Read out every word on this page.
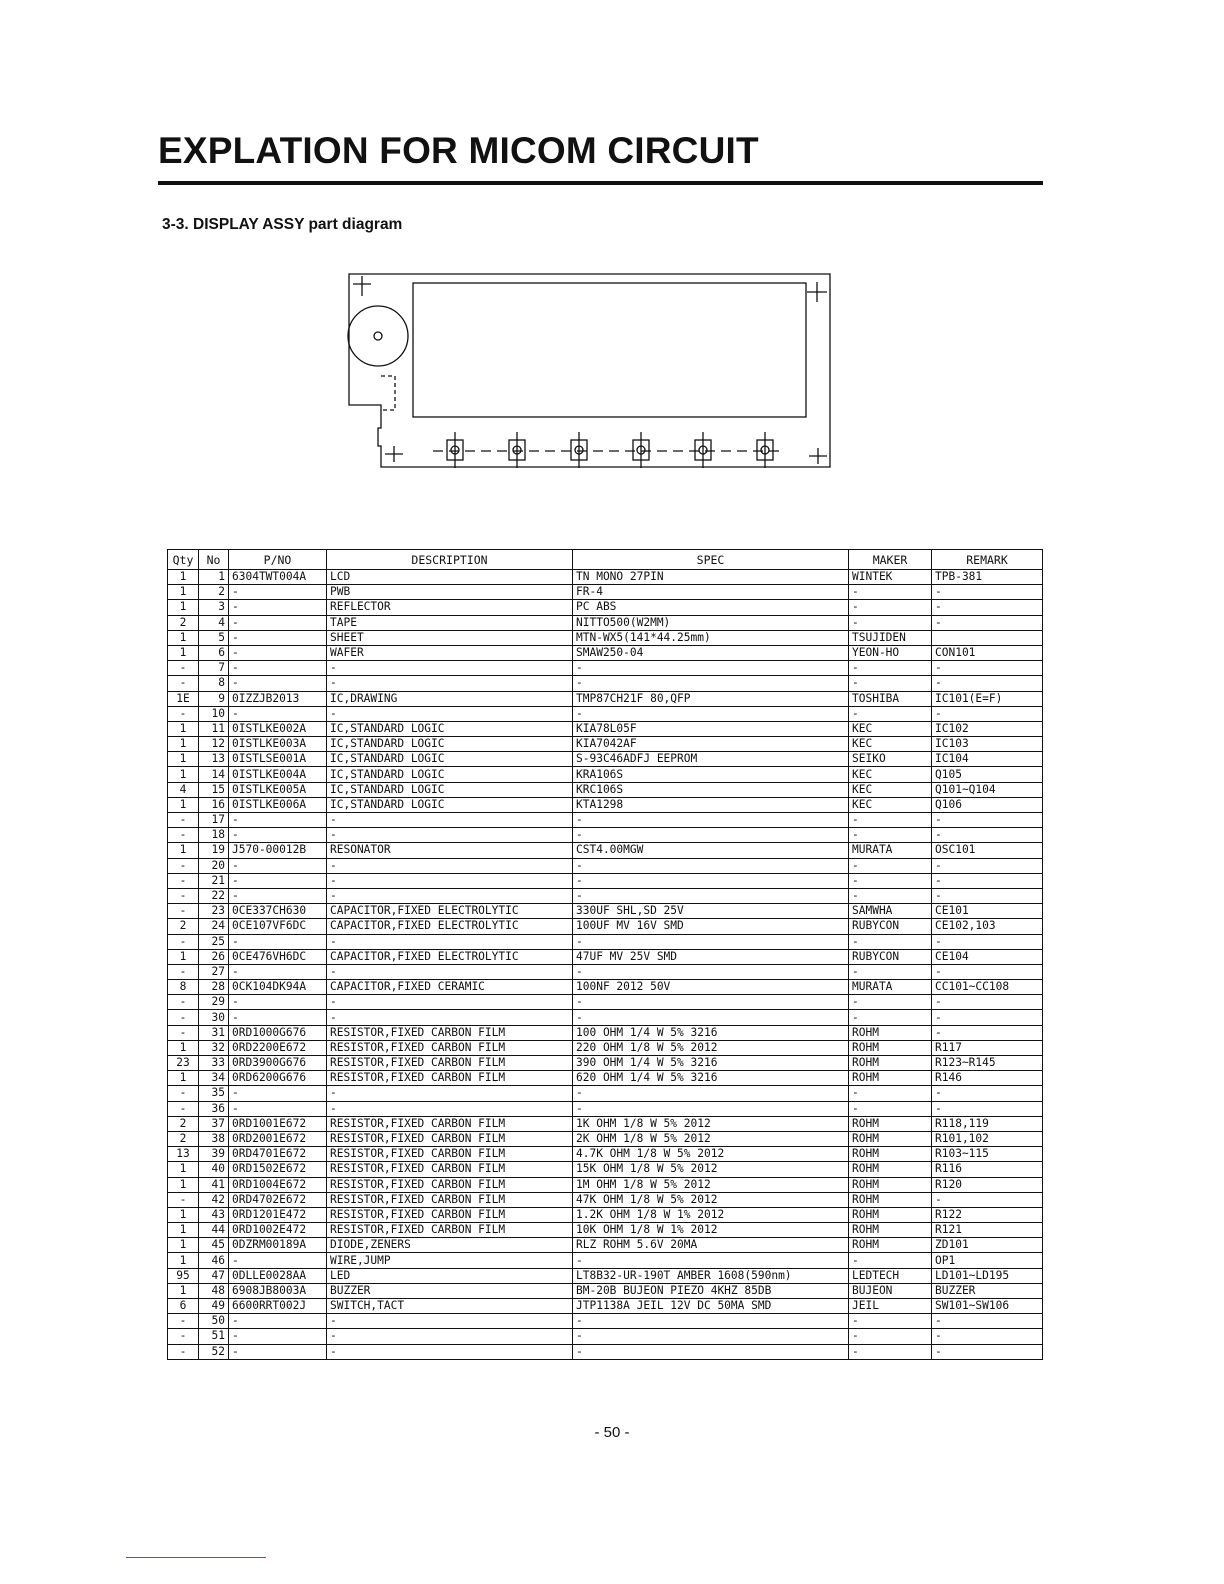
EXPLATION FOR MICOM CIRCUIT
3-3. DISPLAY ASSY part diagram
Qty	No	P/NO	DESCRIPTION	SPEC	MAKER	REMARK
1	1	6304TWT004A	LCD	TN MONO 27PIN	WINTEK	TPB-381
1	2	-	PWB	FR-4	-	-
1	3	-	REFLECTOR	PC ABS	-	-
2	4	-	TAPE	NITTO500(W2MM)	-	-
1	5	-	SHEET	MTN-WX5(141*44.25mm)	TSUJIDEN	
1	6	-	WAFER	SMAW250-04	YEON-HO	CON101
-	7	-	-	-	-	-
-	8	-	-	-	-	-
1E	9	0IZZJB2013	IC,DRAWING	TMP87CH21F 80,QFP	TOSHIBA	IC101(E=F)
-	10	-	-	-	-	-
1	11	0ISTLKE002A	IC,STANDARD LOGIC	KIA78L05F	KEC	IC102
1	12	0ISTLKE003A	IC,STANDARD LOGIC	KIA7042AF	KEC	IC103
1	13	0ISTLSE001A	IC,STANDARD LOGIC	S-93C46ADFJ EEPROM	SEIKO	IC104
1	14	0ISTLKE004A	IC,STANDARD LOGIC	KRA106S	KEC	Q105
4	15	0ISTLKE005A	IC,STANDARD LOGIC	KRC106S	KEC	Q101~Q104
1	16	0ISTLKE006A	IC,STANDARD LOGIC	KTA1298	KEC	Q106
-	17	-	-	-	-	-
-	18	-	-	-	-	-
1	19	J570-00012B	RESONATOR	CST4.00MGW	MURATA	OSC101
-	20	-	-	-	-	-
-	21	-	-	-	-	-
-	22	-	-	-	-	-
-	23	0CE337CH630	CAPACITOR,FIXED ELECTROLYTIC	330UF SHL,SD 25V	SAMWHA	CE101
2	24	0CE107VF6DC	CAPACITOR,FIXED ELECTROLYTIC	100UF MV 16V SMD	RUBYCON	CE102,103
-	25	-	-	-	-	-
1	26	0CE476VH6DC	CAPACITOR,FIXED ELECTROLYTIC	47UF MV 25V SMD	RUBYCON	CE104
-	27	-	-	-	-	-
8	28	0CK104DK94A	CAPACITOR,FIXED CERAMIC	100NF 2012 50V	MURATA	CC101~CC108
-	29	-	-	-	-	-
-	30	-	-	-	-	-
-	31	0RD1000G676	RESISTOR,FIXED CARBON FILM	100 OHM 1/4 W 5% 3216	ROHM	-
1	32	0RD2200E672	RESISTOR,FIXED CARBON FILM	220 OHM 1/8 W 5% 2012	ROHM	R117
23	33	0RD3900G676	RESISTOR,FIXED CARBON FILM	390 OHM 1/4 W 5% 3216	ROHM	R123~R145
1	34	0RD6200G676	RESISTOR,FIXED CARBON FILM	620 OHM 1/4 W 5% 3216	ROHM	R146
-	35	-	-	-	-	-
-	36	-	-	-	-	-
2	37	0RD1001E672	RESISTOR,FIXED CARBON FILM	1K OHM 1/8 W 5% 2012	ROHM	R118,119
2	38	0RD2001E672	RESISTOR,FIXED CARBON FILM	2K OHM 1/8 W 5% 2012	ROHM	R101,102
13	39	0RD4701E672	RESISTOR,FIXED CARBON FILM	4.7K OHM 1/8 W 5% 2012	ROHM	R103~115
1	40	0RD1502E672	RESISTOR,FIXED CARBON FILM	15K OHM 1/8 W 5% 2012	ROHM	R116
1	41	0RD1004E672	RESISTOR,FIXED CARBON FILM	1M OHM 1/8 W 5% 2012	ROHM	R120
-	42	0RD4702E672	RESISTOR,FIXED CARBON FILM	47K OHM 1/8 W 5% 2012	ROHM	-
1	43	0RD1201E472	RESISTOR,FIXED CARBON FILM	1.2K OHM 1/8 W 1% 2012	ROHM	R122
1	44	0RD1002E472	RESISTOR,FIXED CARBON FILM	10K OHM 1/8 W 1% 2012	ROHM	R121
1	45	0DZRM00189A	DIODE,ZENERS	RLZ ROHM 5.6V 20MA	ROHM	ZD101
1	46	-	WIRE,JUMP	-	-	OP1
95	47	0DLLE0028AA	LED	LT8B32-UR-190T AMBER 1608(590nm)	LEDTECH	LD101~LD195
1	48	6908JB8003A	BUZZER	BM-20B BUJEON PIEZO 4KHZ 85DB	BUJEON	BUZZER
6	49	6600RRT002J	SWITCH,TACT	JTP1138A JEIL 12V DC 50MA SMD	JEIL	SW101~SW106
-	50	-	-	-	-	-
-	51	-	-	-	-	-
-	52	-	-	-	-	-

- 50 -
